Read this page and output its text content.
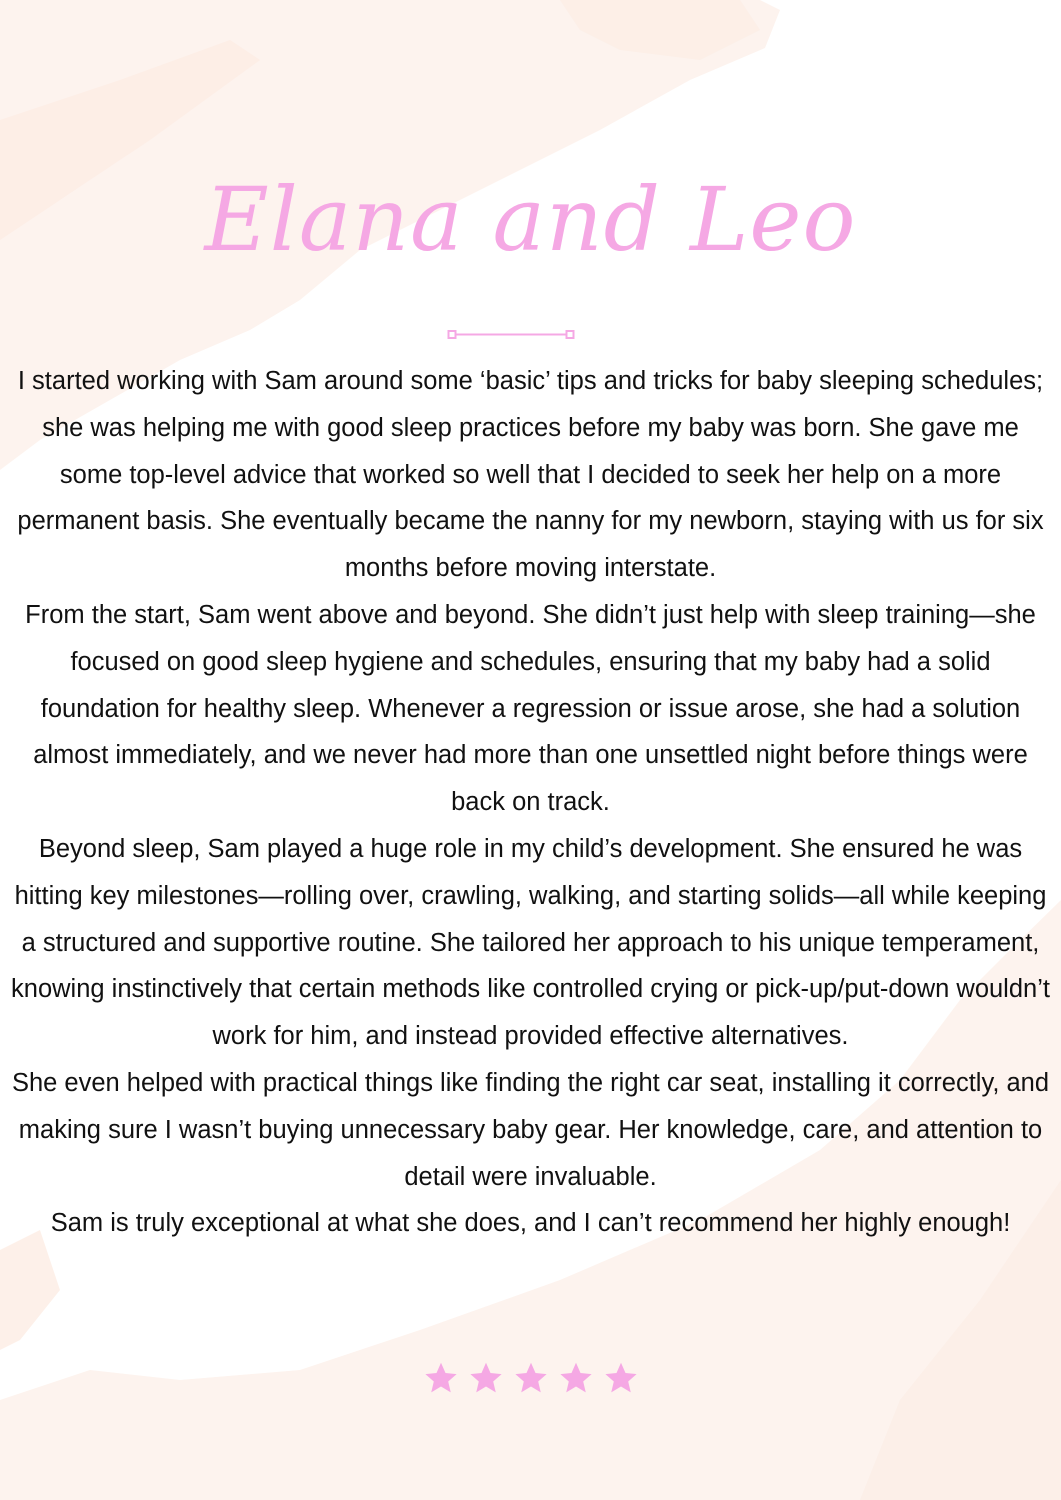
Elana and Leo

I started working with Sam around some ‘basic’ tips and tricks for baby sleeping schedules; she was helping me with good sleep practices before my baby was born. She gave me some top-level advice that worked so well that I decided to seek her help on a more permanent basis. She eventually became the nanny for my newborn, staying with us for six months before moving interstate.

From the start, Sam went above and beyond. She didn’t just help with sleep training—she focused on good sleep hygiene and schedules, ensuring that my baby had a solid foundation for healthy sleep. Whenever a regression or issue arose, she had a solution almost immediately, and we never had more than one unsettled night before things were back on track.

Beyond sleep, Sam played a huge role in my child’s development. She ensured he was hitting key milestones—rolling over, crawling, walking, and starting solids—all while keeping a structured and supportive routine. She tailored her approach to his unique temperament, knowing instinctively that certain methods like controlled crying or pick-up/put-down wouldn’t work for him, and instead provided effective alternatives.

She even helped with practical things like finding the right car seat, installing it correctly, and making sure I wasn’t buying unnecessary baby gear. Her knowledge, care, and attention to detail were invaluable.

Sam is truly exceptional at what she does, and I can’t recommend her highly enough!
